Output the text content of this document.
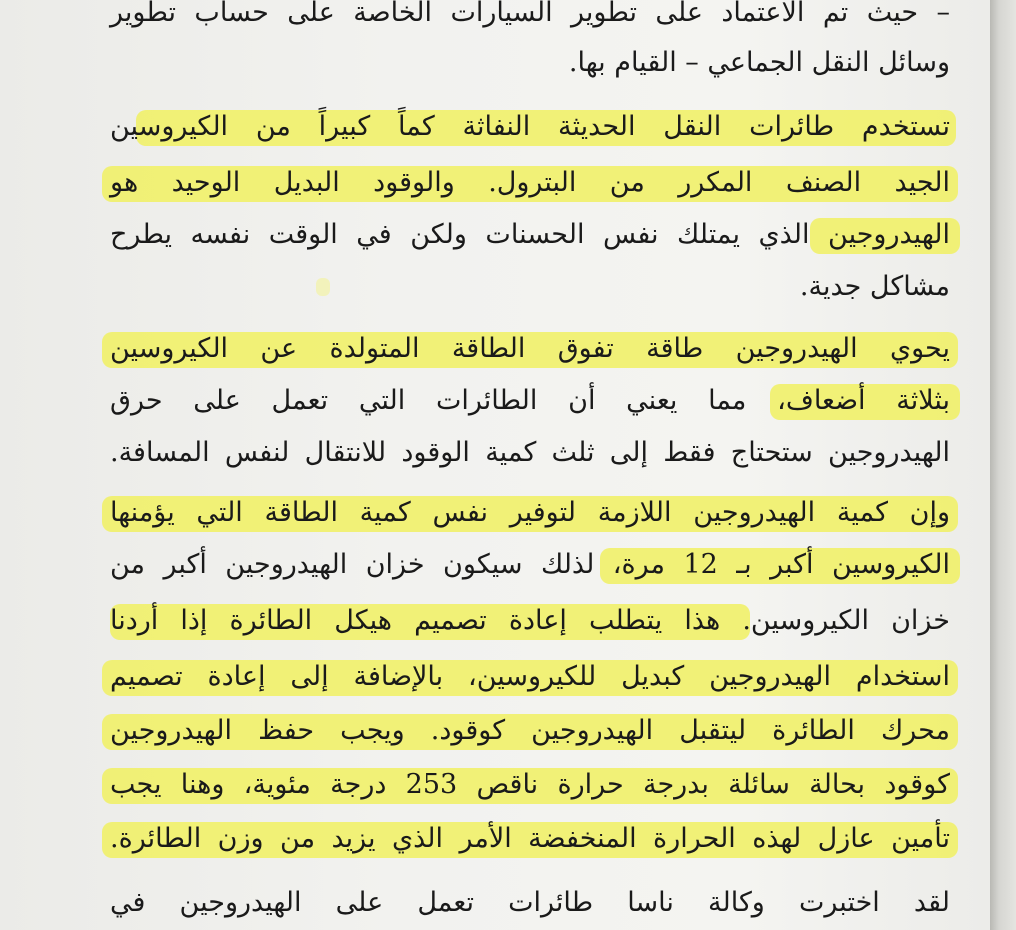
– حيث تم الاعتماد على تطوير السيارات الخاصة على حساب تطوير
وسائل النقل الجماعي – القيام بها.
تستخدم طائرات النقل الحديثة النفاثة كماً كبيراً من الكيروسين
الجيد الصنف المكرر من البترول. والوقود البديل الوحيد هو
الهيدروجين الذي يمتلك نفس الحسنات ولكن في الوقت نفسه يطرح
مشاكل جدية.
يحوي الهيدروجين طاقة تفوق الطاقة المتولدة عن الكيروسين
بثلاثة أضعاف، مما يعني أن الطائرات التي تعمل على حرق
الهيدروجين ستحتاج فقط إلى ثلث كمية الوقود للانتقال لنفس المسافة.
وإن كمية الهيدروجين اللازمة لتوفير نفس كمية الطاقة التي يؤمنها
الكيروسين أكبر بـ 12 مرة، لذلك سيكون خزان الهيدروجين أكبر من
خزان الكيروسين. هذا يتطلب إعادة تصميم هيكل الطائرة إذا أردنا
استخدام الهيدروجين كبديل للكيروسين، بالإضافة إلى إعادة تصميم
محرك الطائرة ليتقبل الهيدروجين كوقود. ويجب حفظ الهيدروجين
كوقود بحالة سائلة بدرجة حرارة ناقص 253 درجة مئوية، وهنا يجب
تأمين عازل لهذه الحرارة المنخفضة الأمر الذي يزيد من وزن الطائرة.
لقد اختبرت وكالة ناسا طائرات تعمل على الهيدروجين في
